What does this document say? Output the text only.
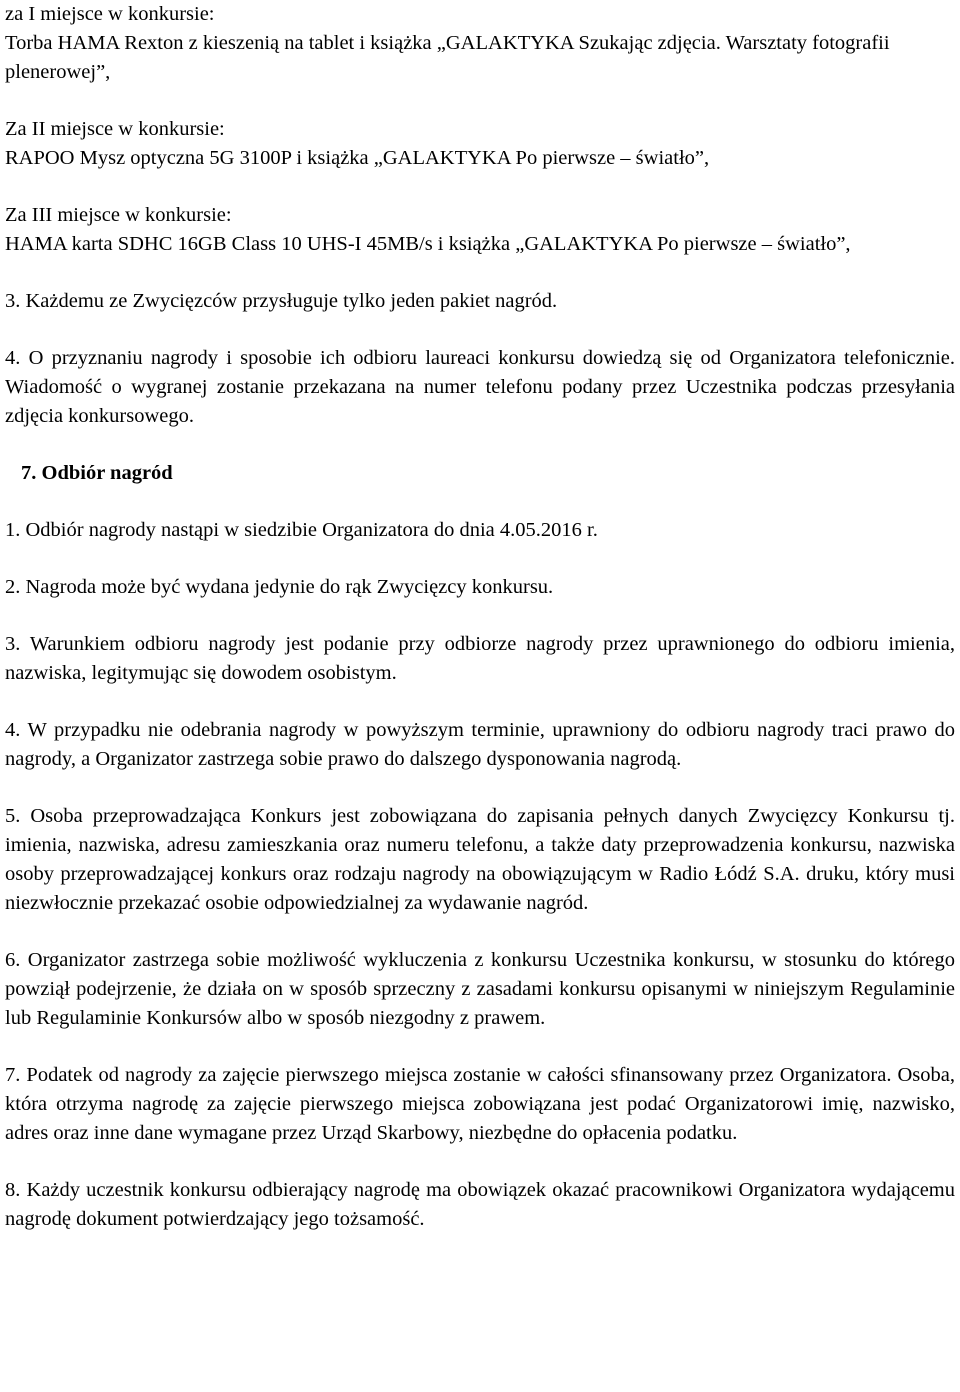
za I miejsce w konkursie:

Torba HAMA Rexton z kieszenią na tablet i książka „GALAKTYKA Szukając zdjęcia. Warsztaty fotografii plenerowej”,

Za II miejsce w konkursie:

RAPOO Mysz optyczna 5G 3100P i książka „GALAKTYKA Po pierwsze – światło”,

Za III miejsce w konkursie:

HAMA karta SDHC 16GB Class 10 UHS-I 45MB/s i książka „GALAKTYKA Po pierwsze – światło”,

3. Każdemu ze Zwycięzców przysługuje tylko jeden pakiet nagród.

4. O przyznaniu nagrody i sposobie ich odbioru laureaci konkursu dowiedzą się od Organizatora telefonicznie. Wiadomość o wygranej zostanie przekazana na numer telefonu podany przez Uczestnika podczas przesyłania zdjęcia konkursowego.

7. Odbiór nagród

1. Odbiór nagrody nastąpi w siedzibie Organizatora do dnia 4.05.2016 r.

2. Nagroda może być wydana jedynie do rąk Zwycięzcy konkursu.

3. Warunkiem odbioru nagrody jest podanie przy odbiorze nagrody przez uprawnionego do odbioru imienia, nazwiska, legitymując się dowodem osobistym.

4. W przypadku nie odebrania nagrody w powyższym terminie, uprawniony do odbioru nagrody traci prawo do nagrody, a Organizator zastrzega sobie prawo do dalszego dysponowania nagrodą.

5. Osoba przeprowadzająca Konkurs jest zobowiązana do zapisania pełnych danych Zwycięzcy Konkursu tj. imienia, nazwiska, adresu zamieszkania oraz numeru telefonu, a także daty przeprowadzenia konkursu, nazwiska osoby przeprowadzającej konkurs oraz rodzaju nagrody na obowiązującym w Radio Łódź S.A. druku, który musi niezwłocznie przekazać osobie odpowiedzialnej za wydawanie nagród.

6. Organizator zastrzega sobie możliwość wykluczenia z konkursu Uczestnika konkursu, w stosunku do którego powziął podejrzenie, że działa on w sposób sprzeczny z zasadami konkursu opisanymi w niniejszym Regulaminie lub Regulaminie Konkursów albo w sposób niezgodny z prawem.

7. Podatek od nagrody za zajęcie pierwszego miejsca zostanie w całości sfinansowany przez Organizatora. Osoba, która otrzyma nagrodę za zajęcie pierwszego miejsca zobowiązana jest podać Organizatorowi imię, nazwisko, adres oraz inne dane wymagane przez Urząd Skarbowy, niezbędne do opłacenia podatku.

8. Każdy uczestnik konkursu odbierający nagrodę ma obowiązek okazać pracownikowi Organizatora wydającemu nagrodę dokument potwierdzający jego tożsamość.
